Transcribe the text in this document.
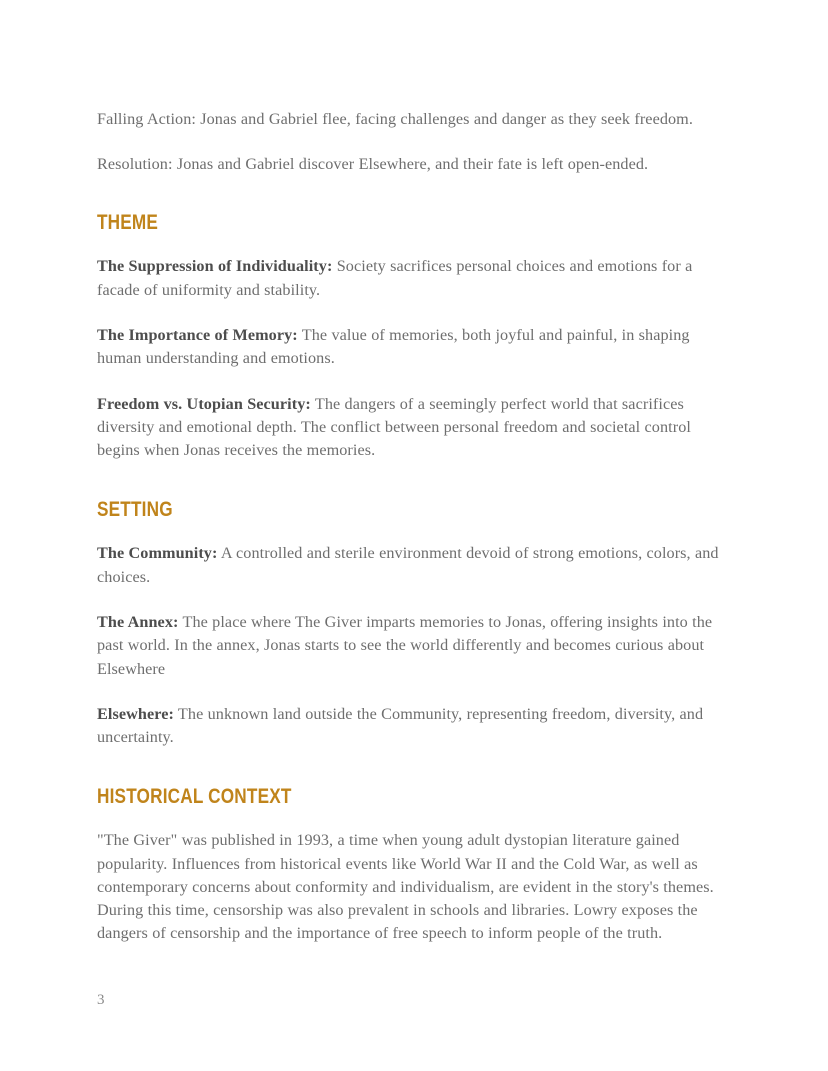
Falling Action: Jonas and Gabriel flee, facing challenges and danger as they seek freedom.

Resolution: Jonas and Gabriel discover Elsewhere, and their fate is left open-ended.

THEME

The Suppression of Individuality: Society sacrifices personal choices and emotions for a facade of uniformity and stability.

The Importance of Memory: The value of memories, both joyful and painful, in shaping human understanding and emotions.

Freedom vs. Utopian Security: The dangers of a seemingly perfect world that sacrifices diversity and emotional depth. The conflict between personal freedom and societal control begins when Jonas receives the memories.

SETTING

The Community: A controlled and sterile environment devoid of strong emotions, colors, and choices.

The Annex: The place where The Giver imparts memories to Jonas, offering insights into the past world. In the annex, Jonas starts to see the world differently and becomes curious about Elsewhere

Elsewhere: The unknown land outside the Community, representing freedom, diversity, and uncertainty.

HISTORICAL CONTEXT

"The Giver" was published in 1993, a time when young adult dystopian literature gained popularity. Influences from historical events like World War II and the Cold War, as well as contemporary concerns about conformity and individualism, are evident in the story's themes. During this time, censorship was also prevalent in schools and libraries. Lowry exposes the dangers of censorship and the importance of free speech to inform people of the truth.

3
